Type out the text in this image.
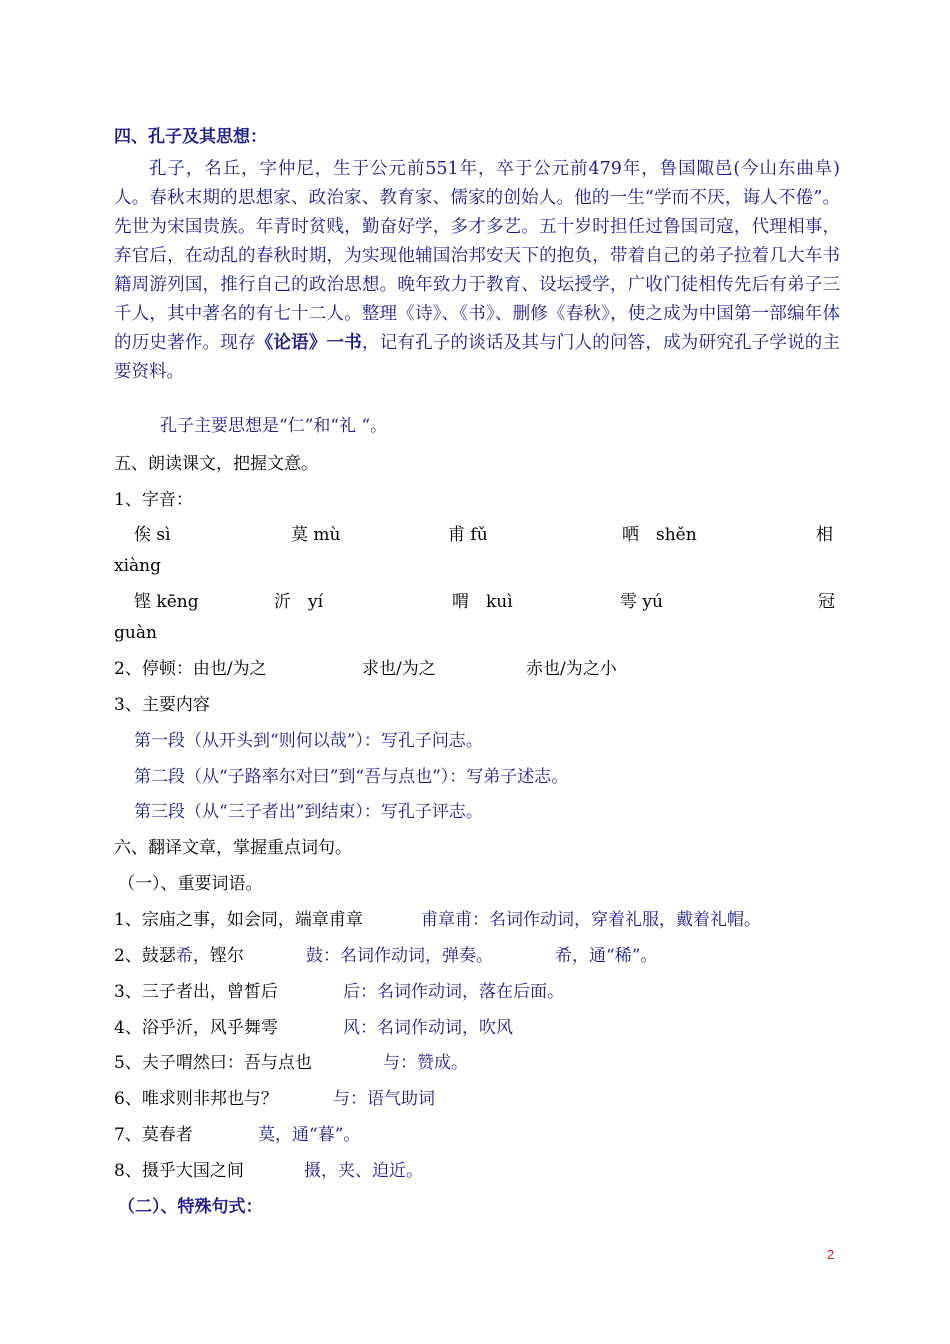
四、孔子及其思想：
孔子，名丘，字仲尼，生于公元前551年，卒于公元前479年，鲁国陬邑(今山东曲阜)人。春秋末期的思想家、政治家、教育家、儒家的创始人。他的一生“学而不厌，诲人不倦”。先世为宋国贵族。年青时贫贱，勤奋好学，多才多艺。五十岁时担任过鲁国司寇，代理相事，弃官后，在动乱的春秋时期，为实现他辅国治邦安天下的抱负，带着自己的弟子拉着几大车书籍周游列国，推行自己的政治思想。晚年致力于教育、设坛授学，广收门徒相传先后有弟子三千人，其中著名的有七十二人。整理《诗》、《书》、删修《春秋》，使之成为中国第一部编年体的历史著作。现存《论语》一书，记有孔子的谈话及其与门人的问答，成为研究孔子学说的主要资料。
孔子主要思想是“仁”和“礼 “。
五、朗读课文，把握文意。
1、字音：
俟 sì	莫 mù	甫 fǔ	哂　shěn	相
xiàng
铿 kēng	沂　yí	喟　kuì	雩 yú	冠
guàn
2、停顿：由也/为之	求也/为之	赤也/为之小
3、主要内容
第一段（从开头到“则何以哉”）：写孔子问志。
第二段（从“子路率尔对曰”到“吾与点也”）：写弟子述志。
第三段（从“三子者出”到结束）：写孔子评志。
六、翻译文章，掌握重点词句。
（一）、重要词语。
1、宗庙之事，如会同，端章甫章	甫章甫：名词作动词，穿着礼服，戴着礼帽。
2、鼓瑟希，铿尔	鼓：名词作动词，弹奏。	希，通“稀”。
3、三子者出，曾皙后	后：名词作动词，落在后面。
4、浴乎沂，风乎舞雩	风：名词作动词，吹风
5、夫子喟然曰：吾与点也	与：赞成。
6、唯求则非邦也与？	与：语气助词
7、莫春者	莫，通“暮”。
8、摄乎大国之间	摄，夹、迫近。
（二）、特殊句式：
2
